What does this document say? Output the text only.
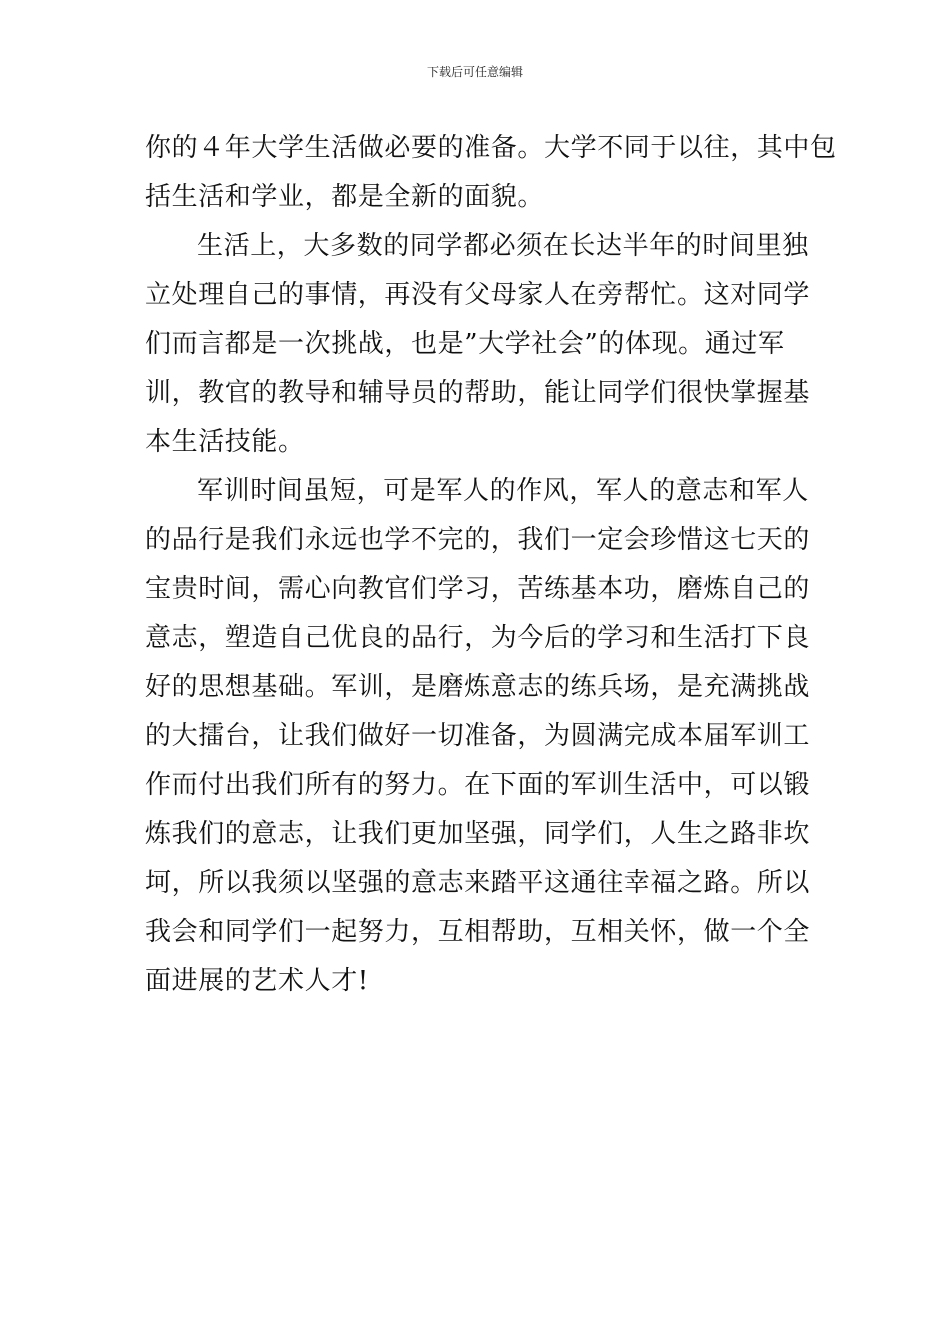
下载后可任意编辑

你的４年大学生活做必要的准备。大学不同于以往，其中包
括生活和学业，都是全新的面貌。

生活上，大多数的同学都必须在长达半年的时间里独
立处理自己的事情，再没有父母家人在旁帮忙。这对同学
们而言都是一次挑战，也是”大学社会”的体现。通过军
训，教官的教导和辅导员的帮助，能让同学们很快掌握基
本生活技能。

军训时间虽短，可是军人的作风，军人的意志和军人
的品行是我们永远也学不完的，我们一定会珍惜这七天的
宝贵时间，需心向教官们学习，苦练基本功，磨炼自己的
意志，塑造自己优良的品行，为今后的学习和生活打下良
好的思想基础。军训，是磨炼意志的练兵场，是充满挑战
的大擂台，让我们做好一切准备，为圆满完成本届军训工
作而付出我们所有的努力。在下面的军训生活中，可以锻
炼我们的意志，让我们更加坚强，同学们，人生之路非坎
坷，所以我须以坚强的意志来踏平这通往幸福之路。所以
我会和同学们一起努力，互相帮助，互相关怀，做一个全
面进展的艺术人才!
